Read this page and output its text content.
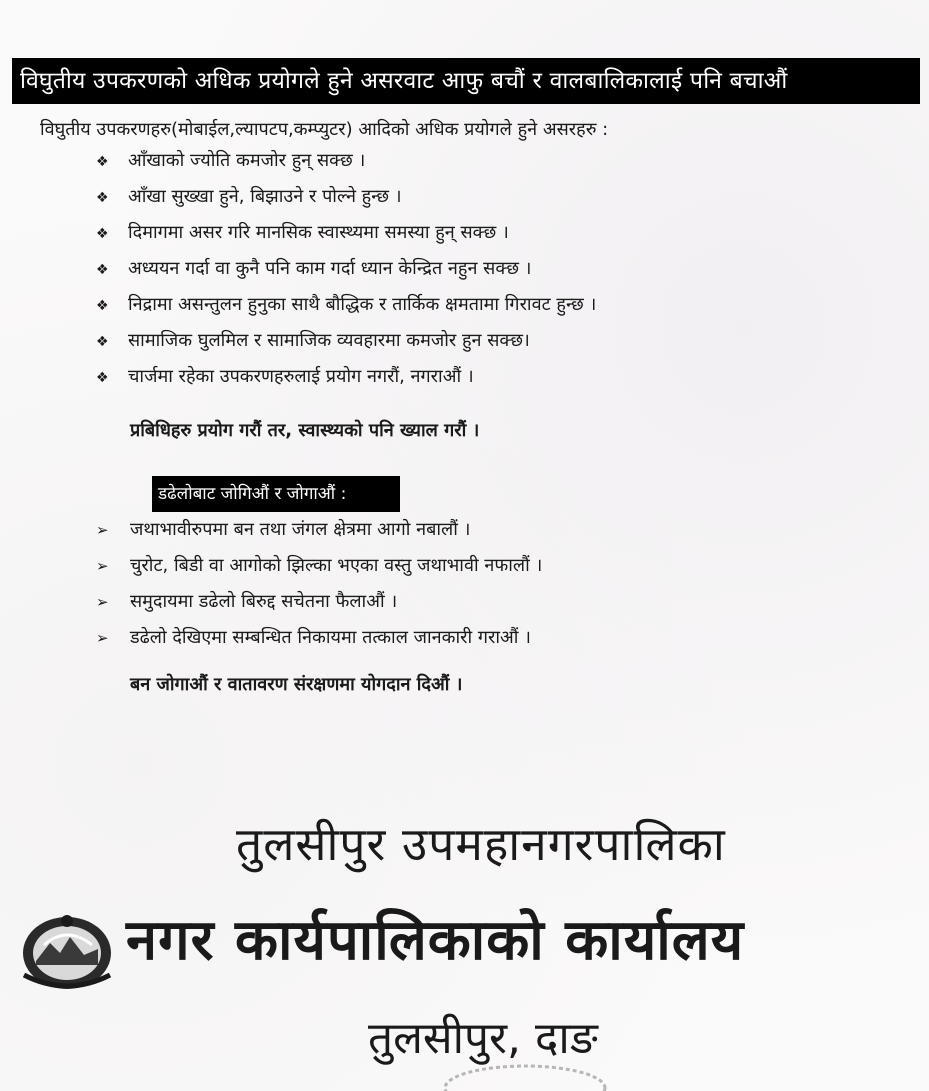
विघुतीय उपकरणको अधिक प्रयोगले हुने असरवाट आफु बचौं र वालबालिकालाई पनि बचाऔं
विघुतीय उपकरणहरु(मोबाईल,ल्यापटप,कम्प्युटर) आदिको अधिक प्रयोगले हुने असरहरु :
❖ आँखाको ज्योति कमजोर हुन् सक्छ ।
❖ आँखा सुख्खा हुने, बिझाउने र पोल्ने हुन्छ ।
❖ दिमागमा असर गरि मानसिक स्वास्थ्यमा समस्या हुन् सक्छ ।
❖ अध्ययन गर्दा वा कुनै पनि काम गर्दा ध्यान केन्द्रित नहुन सक्छ ।
❖ निद्रामा असन्तुलन हुनुका साथै बौद्धिक र तार्किक क्षमतामा गिरावट हुन्छ ।
❖ सामाजिक घुलमिल र सामाजिक व्यवहारमा कमजोर हुन सक्छ।
❖ चार्जमा रहेका उपकरणहरुलाई प्रयोग नगरौं, नगराऔं ।
प्रबिधिहरु प्रयोग गरौं तर, स्वास्थ्यको पनि ख्याल गरौं ।
डढेलोबाट जोगिऔं र जोगाऔं :
➢ जथाभावीरुपमा बन तथा जंगल क्षेत्रमा आगो नबालौं ।
➢ चुरोट, बिडी वा आगोको झिल्का भएका वस्तु जथाभावी नफालौं ।
➢ समुदायमा डढेलो बिरुद्द सचेतना फैलाऔं ।
➢ डढेलो देखिएमा सम्बन्धित निकायमा तत्काल जानकारी गराऔं ।
बन जोगाऔं र वातावरण संरक्षणमा योगदान दिऔं ।
तुलसीपुर उपमहानगरपालिका
नगर कार्यपालिकाको कार्यालय
तुलसीपुर, दाङ
